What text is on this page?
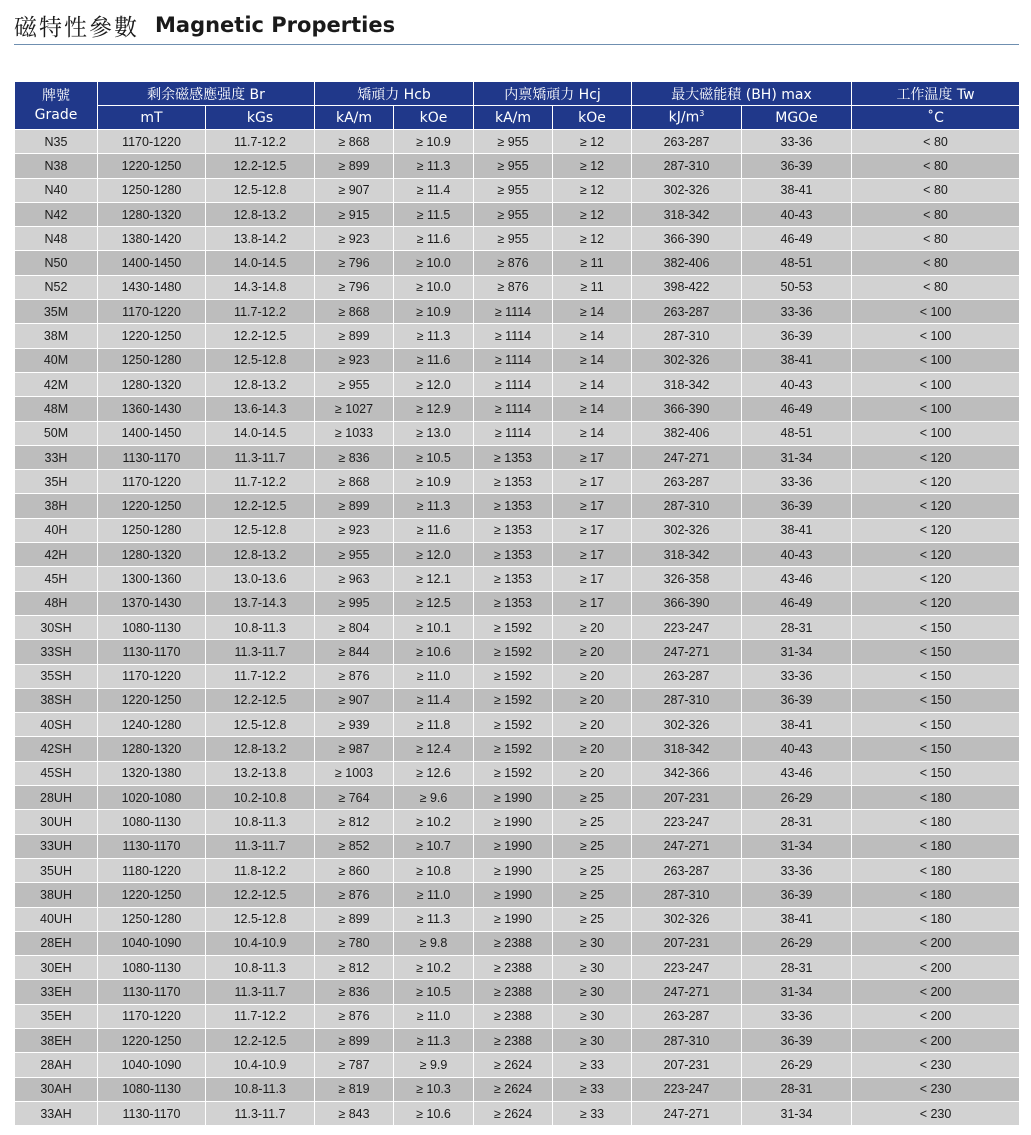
磁特性參數 Magnetic Properties
牌號
Grade	剩余磁感應强度 Br		矯頑力 Hcb		内禀矯頑力 Hcj		最大磁能積 (BH) max		工作温度 Tw
	mT	kGs	kA/m	kOe	kA/m	kOe	$kJ/m^3$	MGOe	˚C
N35	1170-1220	11.7-12.2	≥ 868	≥ 10.9	≥ 955	≥ 12	263-287	33-36	< 80
N38	1220-1250	12.2-12.5	≥ 899	≥ 11.3	≥ 955	≥ 12	287-310	36-39	< 80
N40	1250-1280	12.5-12.8	≥ 907	≥ 11.4	≥ 955	≥ 12	302-326	38-41	< 80
N42	1280-1320	12.8-13.2	≥ 915	≥ 11.5	≥ 955	≥ 12	318-342	40-43	< 80
N48	1380-1420	13.8-14.2	≥ 923	≥ 11.6	≥ 955	≥ 12	366-390	46-49	< 80
N50	1400-1450	14.0-14.5	≥ 796	≥ 10.0	≥ 876	≥ 11	382-406	48-51	< 80
N52	1430-1480	14.3-14.8	≥ 796	≥ 10.0	≥ 876	≥ 11	398-422	50-53	< 80
35M	1170-1220	11.7-12.2	≥ 868	≥ 10.9	≥ 1114	≥ 14	263-287	33-36	< 100
38M	1220-1250	12.2-12.5	≥ 899	≥ 11.3	≥ 1114	≥ 14	287-310	36-39	< 100
40M	1250-1280	12.5-12.8	≥ 923	≥ 11.6	≥ 1114	≥ 14	302-326	38-41	< 100
42M	1280-1320	12.8-13.2	≥ 955	≥ 12.0	≥ 1114	≥ 14	318-342	40-43	< 100
48M	1360-1430	13.6-14.3	≥ 1027	≥ 12.9	≥ 1114	≥ 14	366-390	46-49	< 100
50M	1400-1450	14.0-14.5	≥ 1033	≥ 13.0	≥ 1114	≥ 14	382-406	48-51	< 100
33H	1130-1170	11.3-11.7	≥ 836	≥ 10.5	≥ 1353	≥ 17	247-271	31-34	< 120
35H	1170-1220	11.7-12.2	≥ 868	≥ 10.9	≥ 1353	≥ 17	263-287	33-36	< 120
38H	1220-1250	12.2-12.5	≥ 899	≥ 11.3	≥ 1353	≥ 17	287-310	36-39	< 120
40H	1250-1280	12.5-12.8	≥ 923	≥ 11.6	≥ 1353	≥ 17	302-326	38-41	< 120
42H	1280-1320	12.8-13.2	≥ 955	≥ 12.0	≥ 1353	≥ 17	318-342	40-43	< 120
45H	1300-1360	13.0-13.6	≥ 963	≥ 12.1	≥ 1353	≥ 17	326-358	43-46	< 120
48H	1370-1430	13.7-14.3	≥ 995	≥ 12.5	≥ 1353	≥ 17	366-390	46-49	< 120
30SH	1080-1130	10.8-11.3	≥ 804	≥ 10.1	≥ 1592	≥ 20	223-247	28-31	< 150
33SH	1130-1170	11.3-11.7	≥ 844	≥ 10.6	≥ 1592	≥ 20	247-271	31-34	< 150
35SH	1170-1220	11.7-12.2	≥ 876	≥ 11.0	≥ 1592	≥ 20	263-287	33-36	< 150
38SH	1220-1250	12.2-12.5	≥ 907	≥ 11.4	≥ 1592	≥ 20	287-310	36-39	< 150
40SH	1240-1280	12.5-12.8	≥ 939	≥ 11.8	≥ 1592	≥ 20	302-326	38-41	< 150
42SH	1280-1320	12.8-13.2	≥ 987	≥ 12.4	≥ 1592	≥ 20	318-342	40-43	< 150
45SH	1320-1380	13.2-13.8	≥ 1003	≥ 12.6	≥ 1592	≥ 20	342-366	43-46	< 150
28UH	1020-1080	10.2-10.8	≥ 764	≥ 9.6	≥ 1990	≥ 25	207-231	26-29	< 180
30UH	1080-1130	10.8-11.3	≥ 812	≥ 10.2	≥ 1990	≥ 25	223-247	28-31	< 180
33UH	1130-1170	11.3-11.7	≥ 852	≥ 10.7	≥ 1990	≥ 25	247-271	31-34	< 180
35UH	1180-1220	11.8-12.2	≥ 860	≥ 10.8	≥ 1990	≥ 25	263-287	33-36	< 180
38UH	1220-1250	12.2-12.5	≥ 876	≥ 11.0	≥ 1990	≥ 25	287-310	36-39	< 180
40UH	1250-1280	12.5-12.8	≥ 899	≥ 11.3	≥ 1990	≥ 25	302-326	38-41	< 180
28EH	1040-1090	10.4-10.9	≥ 780	≥ 9.8	≥ 2388	≥ 30	207-231	26-29	< 200
30EH	1080-1130	10.8-11.3	≥ 812	≥ 10.2	≥ 2388	≥ 30	223-247	28-31	< 200
33EH	1130-1170	11.3-11.7	≥ 836	≥ 10.5	≥ 2388	≥ 30	247-271	31-34	< 200
35EH	1170-1220	11.7-12.2	≥ 876	≥ 11.0	≥ 2388	≥ 30	263-287	33-36	< 200
38EH	1220-1250	12.2-12.5	≥ 899	≥ 11.3	≥ 2388	≥ 30	287-310	36-39	< 200
28AH	1040-1090	10.4-10.9	≥ 787	≥ 9.9	≥ 2624	≥ 33	207-231	26-29	< 230
30AH	1080-1130	10.8-11.3	≥ 819	≥ 10.3	≥ 2624	≥ 33	223-247	28-31	< 230
33AH	1130-1170	11.3-11.7	≥ 843	≥ 10.6	≥ 2624	≥ 33	247-271	31-34	< 230
